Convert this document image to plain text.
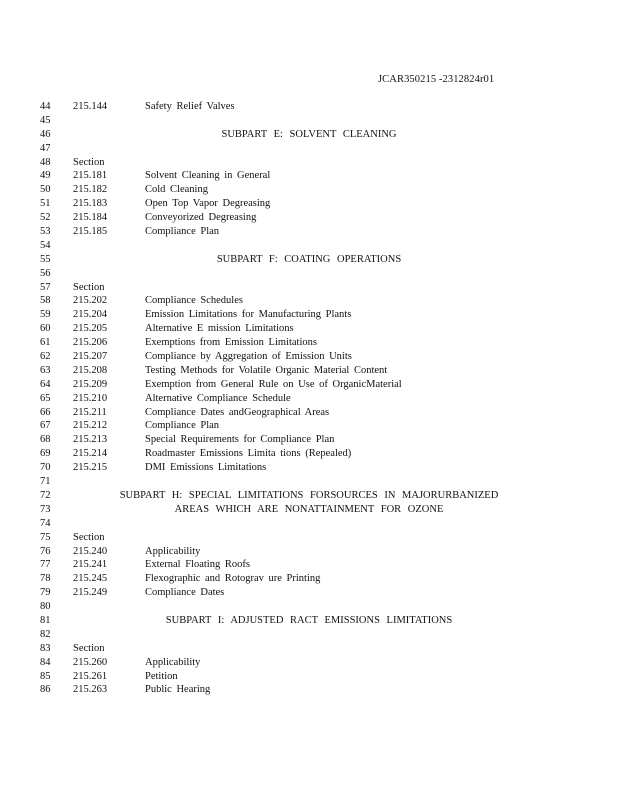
JCAR350215 -2312824r01
44	215.144	Safety Relief Valves
45
46	SUBPART E: SOLVENT CLEANING
47
48	Section
49	215.181	Solvent Cleaning in General
50	215.182	Cold Cleaning
51	215.183	Open Top Vapor Degreasing
52	215.184	Conveyorized Degreasing
53	215.185	Compliance Plan
54
55	SUBPART F: COATING OPERATIONS
56
57	Section
58	215.202	Compliance Schedules
59	215.204	Emission Limitations for Manufacturing Plants
60	215.205	Alternative E mission Limitations
61	215.206	Exemptions from Emission Limitations
62	215.207	Compliance by Aggregation of Emission Units
63	215.208	Testing Methods for Volatile Organic Material Content
64	215.209	Exemption from General Rule on Use of OrganicMaterial
65	215.210	Alternative Compliance Schedule
66	215.211	Compliance Dates andGeographical Areas
67	215.212	Compliance Plan
68	215.213	Special Requirements for Compliance Plan
69	215.214	Roadmaster Emissions Limita tions (Repealed)
70	215.215	DMI Emissions Limitations
71
72	SUBPART H: SPECIAL LIMITATIONS FORSOURCES IN MAJORURBANIZED
73	AREAS WHICH ARE NONATTAINMENT FOR OZONE
74
75	Section
76	215.240	Applicability
77	215.241	External Floating Roofs
78	215.245	Flexographic and Rotograv ure Printing
79	215.249	Compliance Dates
80
81	SUBPART I: ADJUSTED RACT EMISSIONS LIMITATIONS
82
83	Section
84	215.260	Applicability
85	215.261	Petition
86	215.263	Public Hearing
